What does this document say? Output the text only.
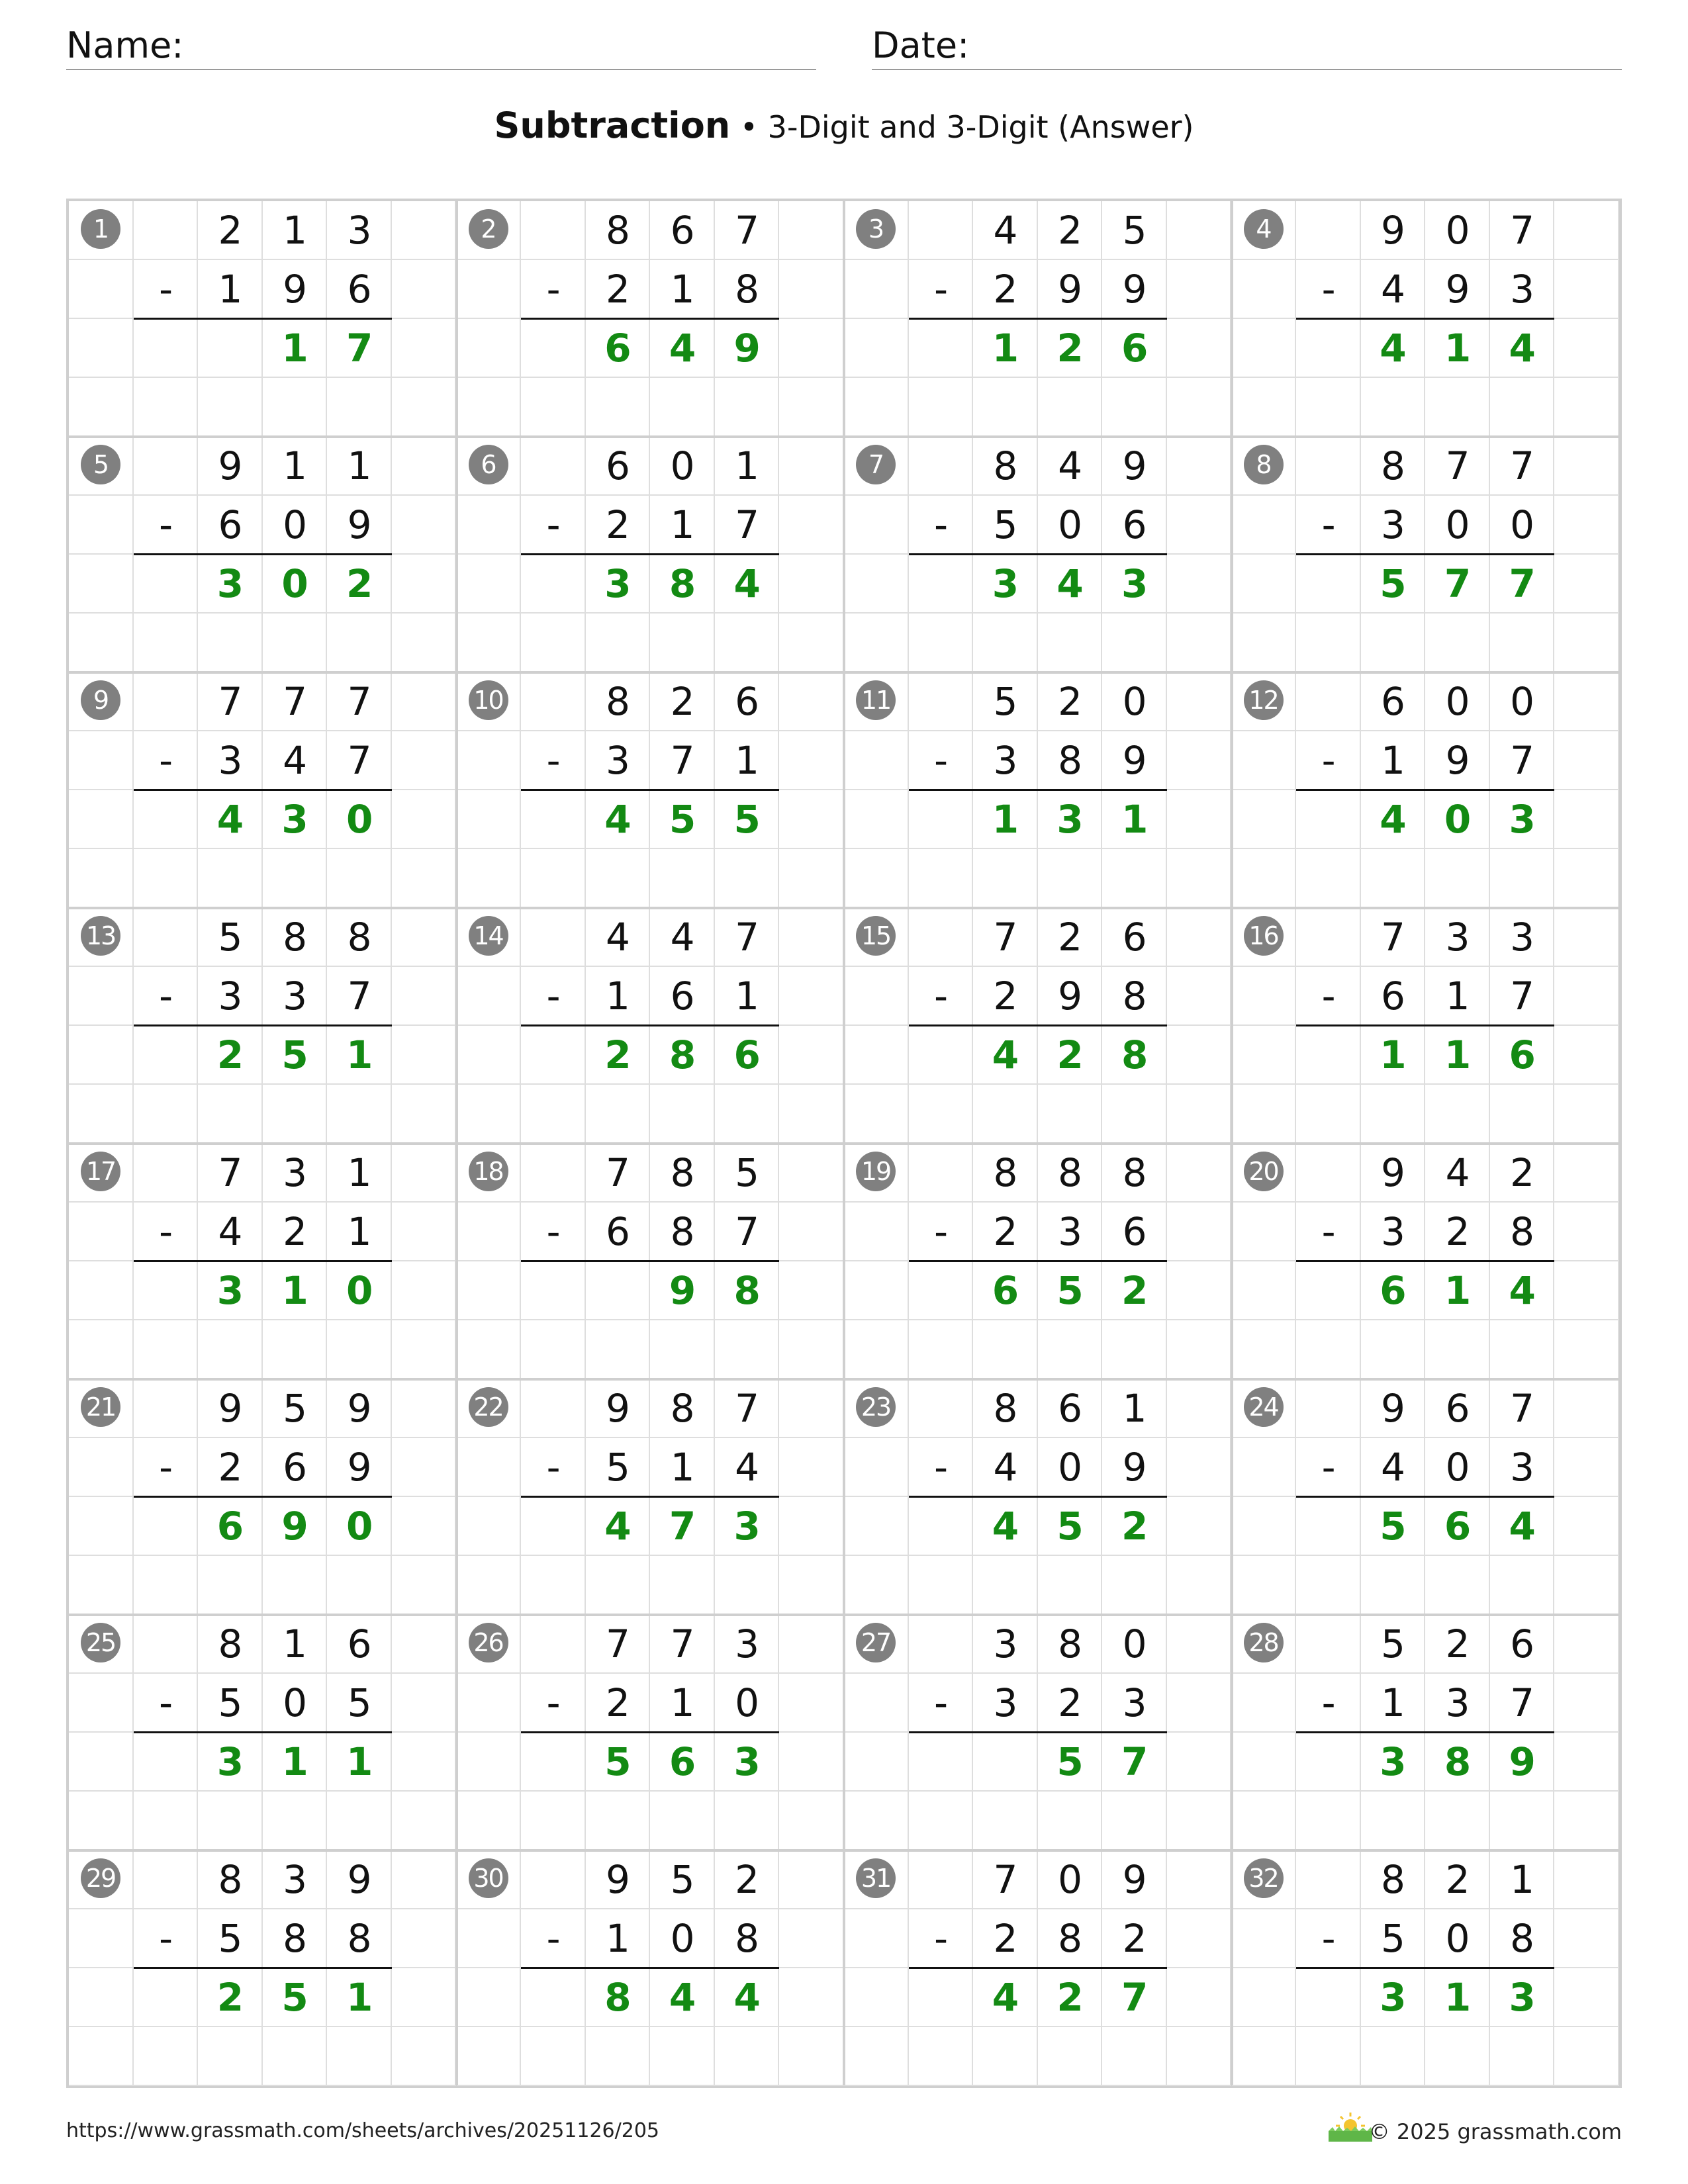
Name:	Date:
Subtraction • 3-Digit and 3-Digit (Answer)
1	2	1	3
-	1	9	6
1 7
2	8	6	7
-	2	1	8
6 4 9
3	4	2	5
-	2	9	9
1 2 6
4	9	0	7
-	4	9	3
4 1 4
5	9	1	1
-	6	0	9
3 0 2
6	6	0	1
-	2	1	7
3 8 4
7	8	4	9
-	5	0	6
3 4 3
8	8	7	7
-	3	0	0
5 7 7
9	7	7	7
-	3	4	7
4 3 0
10	8	2	6
-	3	7	1
4 5 5
11	5	2	0
-	3	8	9
1 3 1
12	6	0	0
-	1	9	7
4 0 3
13	5	8	8
-	3	3	7
2 5 1
14	4	4	7
-	1	6	1
2 8 6
15	7	2	6
-	2	9	8
4 2 8
16	7	3	3
-	6	1	7
1 1 6
17	7	3	1
-	4	2	1
3 1 0
18	7	8	5
-	6	8	7
9 8
19	8	8	8
-	2	3	6
6 5 2
20	9	4	2
-	3	2	8
6 1 4
21	9	5	9
-	2	6	9
6 9 0
22	9	8	7
-	5	1	4
4 7 3
23	8	6	1
-	4	0	9
4 5 2
24	9	6	7
-	4	0	3
5 6 4
25	8	1	6
-	5	0	5
3 1 1
26	7	7	3
-	2	1	0
5 6 3
27	3	8	0
-	3	2	3
5 7
28	5	2	6
-	1	3	7
3 8 9
29	8	3	9
-	5	8	8
2 5 1
30	9	5	2
-	1	0	8
8 4 4
31	7	0	9
-	2	8	2
4 2 7
32	8	2	1
-	5	0	8
3 1 3
https://www.grassmath.com/sheets/archives/20251126/205	© 2025 grassmath.com
